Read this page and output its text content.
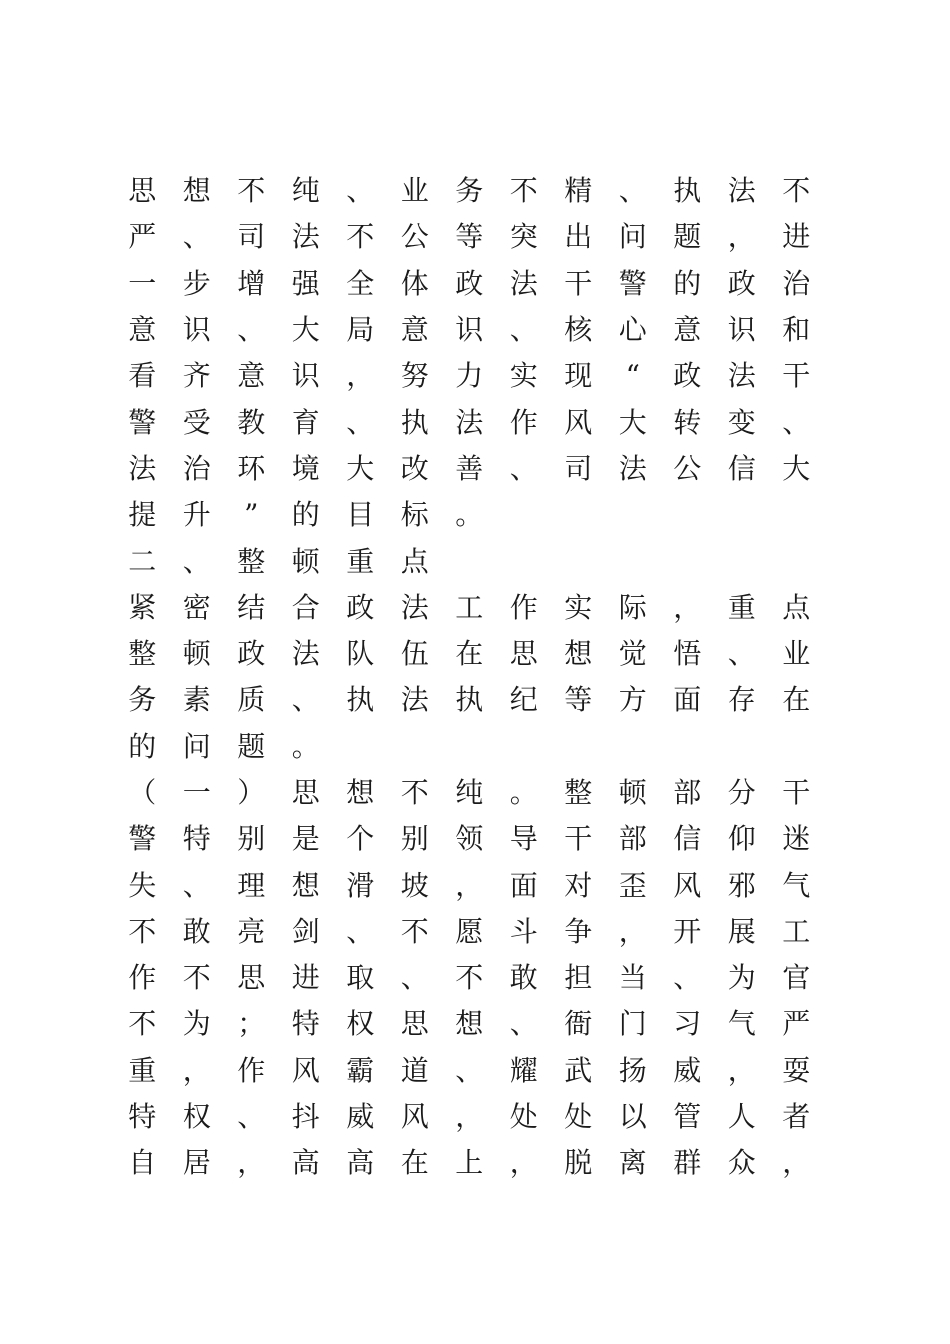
思 想 不 纯 、 业 务 不 精 、 执 法 不
严 、 司 法 不 公 等 突 出 问 题 ， 进
一 步 增 强 全 体 政 法 干 警 的 政 治
意 识 、 大 局 意 识 、 核 心 意 识 和
看 齐 意 识 ， 努 力 实 现	“	政 法 干
警 受 教 育 、 执 法 作 风 大 转 变 、
法 治 环 境 大 改 善 、 司 法 公 信 大
提 升	”	的 目 标 。
二 、 整 顿 重 点
紧 密 结 合 政 法 工 作 实 际 ， 重 点
整 顿 政 法 队 伍 在 思 想 觉 悟 、 业
务 素 质 、 执 法 执 纪 等 方 面 存 在
的 问 题 。
（ 一 ） 思 想 不 纯 。 整 顿 部 分 干
警 特 别 是 个 别 领 导 干 部 信 仰 迷
失 、 理 想 滑 坡 ， 面 对 歪 风 邪 气
不 敢 亮 剑 、 不 愿 斗 争 ， 开 展 工
作 不 思 进 取 、 不 敢 担 当 、 为 官
不 为 ； 特 权 思 想 、 衙 门 习 气 严
重 ， 作 风 霸 道 、 耀 武 扬 威 ， 耍
特 权 、 抖 威 风 ， 处 处 以 管 人 者
自 居 ， 高 高 在 上 ， 脱 离 群 众 ，
